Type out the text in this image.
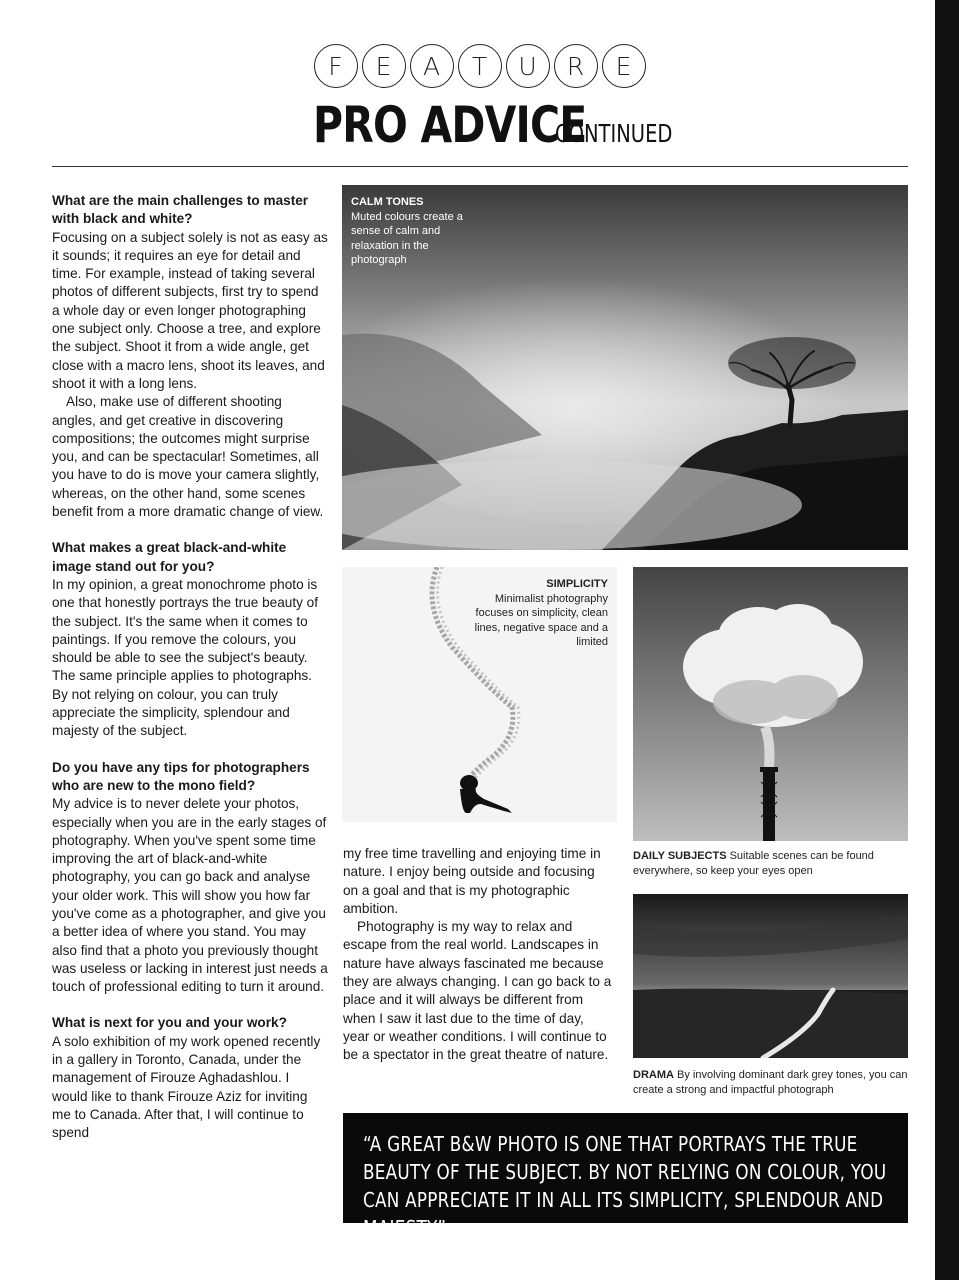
F	E	A	T	U	R	E
PRO ADVICE CONTINUED

What are the main challenges to master with black and white?

Focusing on a subject solely is not as easy as it sounds; it requires an eye for detail and time. For example, instead of taking several photos of different subjects, first try to spend a whole day or even longer photographing one subject only. Choose a tree, and explore the subject. Shoot it from a wide angle, get close with a macro lens, shoot its leaves, and shoot it with a long lens.

Also, make use of different shooting angles, and get creative in discovering compositions; the outcomes might surprise you, and can be spectacular! Sometimes, all you have to do is move your camera slightly, whereas, on the other hand, some scenes benefit from a more dramatic change of view.

What makes a great black-and-white image stand out for you?

In my opinion, a great monochrome photo is one that honestly portrays the true beauty of the subject. It's the same when it comes to paintings. If you remove the colours, you should be able to see the subject's beauty. The same principle applies to photographs. By not relying on colour, you can truly appreciate the simplicity, splendour and majesty of the subject.

Do you have any tips for photographers who are new to the mono field?

My advice is to never delete your photos, especially when you are in the early stages of photography. When you've spent some time improving the art of black-and-white photography, you can go back and analyse your older work. This will show you how far you've come as a photographer, and give you a better idea of where you stand. You may also find that a photo you previously thought was useless or lacking in interest just needs a touch of professional editing to turn it around.

What is next for you and your work?

A solo exhibition of my work opened recently in a gallery in Toronto, Canada, under the management of Firouze Aghadashlou. I would like to thank Firouze Aziz for inviting me to Canada. After that, I will continue to spend

CALM TONES
Muted colours create a sense of calm and relaxation in the photograph
SIMPLICITY
Minimalist photography focuses on simplicity, clean lines, negative space and a limited
DAILY SUBJECTS Suitable scenes can be found everywhere, so keep your eyes open
DRAMA By involving dominant dark grey tones, you can create a strong and impactful photograph

my free time travelling and enjoying time in nature. I enjoy being outside and focusing on a goal and that is my photographic ambition.

Photography is my way to relax and escape from the real world. Landscapes in nature have always fascinated me because they are always changing. I can go back to a place and it will always be different from when I saw it last due to the time of day, year or weather conditions. I will continue to be a spectator in the great theatre of nature.

“A GREAT B&W PHOTO IS ONE THAT PORTRAYS THE TRUE BEAUTY OF THE SUBJECT. BY NOT RELYING ON COLOUR, YOU CAN APPRECIATE IT IN ALL ITS SIMPLICITY, SPLENDOUR AND MAJESTY”
